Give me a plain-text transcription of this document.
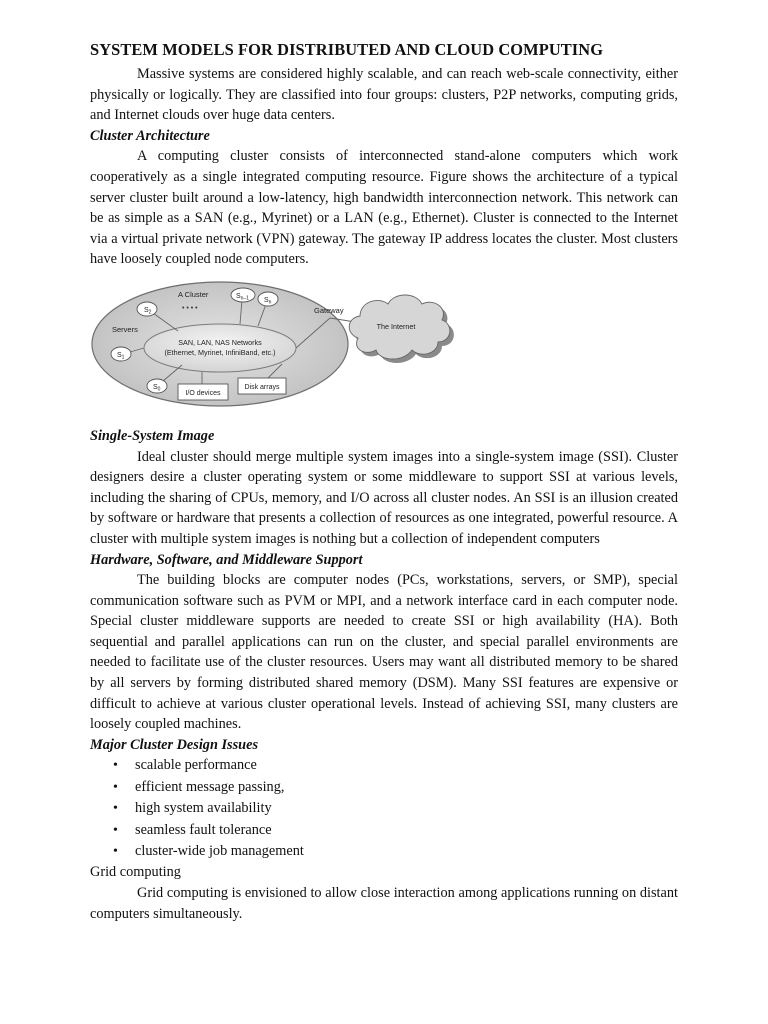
SYSTEM MODELS FOR DISTRIBUTED AND CLOUD COMPUTING

Massive systems are considered highly scalable, and can reach web-scale connectivity, either physically or logically. They are classified into four groups: clusters, P2P networks, computing grids, and Internet clouds over huge data centers.

Cluster Architecture

A computing cluster consists of interconnected stand-alone computers which work cooperatively as a single integrated computing resource. Figure shows the architecture of a typical server cluster built around a low-latency, high bandwidth interconnection network. This network can be as simple as a SAN (e.g., Myrinet) or a LAN (e.g., Ethernet). Cluster is connected to the Internet via a virtual private network (VPN) gateway. The gateway IP address locates the cluster. Most clusters have loosely coupled node computers.

A Cluster
• • • •
Servers
SAN, LAN, NAS Networks
(Ethernet, Myrinet, InfiniBand, etc.)
$S_2$
$S_1$
$S_0$
$S_{n-1}$ $S_n$
I/O devices
Disk arrays
Gateway
The Internet
Single-System Image

Ideal cluster should merge multiple system images into a single-system image (SSI). Cluster designers desire a cluster operating system or some middleware to support SSI at various levels, including the sharing of CPUs, memory, and I/O across all cluster nodes. An SSI is an illusion created by software or hardware that presents a collection of resources as one integrated, powerful resource. A cluster with multiple system images is nothing but a collection of independent computers

Hardware, Software, and Middleware Support

The building blocks are computer nodes (PCs, workstations, servers, or SMP), special communication software such as PVM or MPI, and a network interface card in each computer node. Special cluster middleware supports are needed to create SSI or high availability (HA). Both sequential and parallel applications can run on the cluster, and special parallel environments are needed to facilitate use of the cluster resources. Users may want all distributed memory to be shared by all servers by forming distributed shared memory (DSM). Many SSI features are expensive or difficult to achieve at various cluster operational levels. Instead of achieving SSI, many clusters are loosely coupled machines.

Major Cluster Design Issues
• scalable performance
• efficient message passing,
• high system availability
• seamless fault tolerance
• cluster-wide job management
Grid computing

Grid computing is envisioned to allow close interaction among applications running on distant computers simultaneously.
